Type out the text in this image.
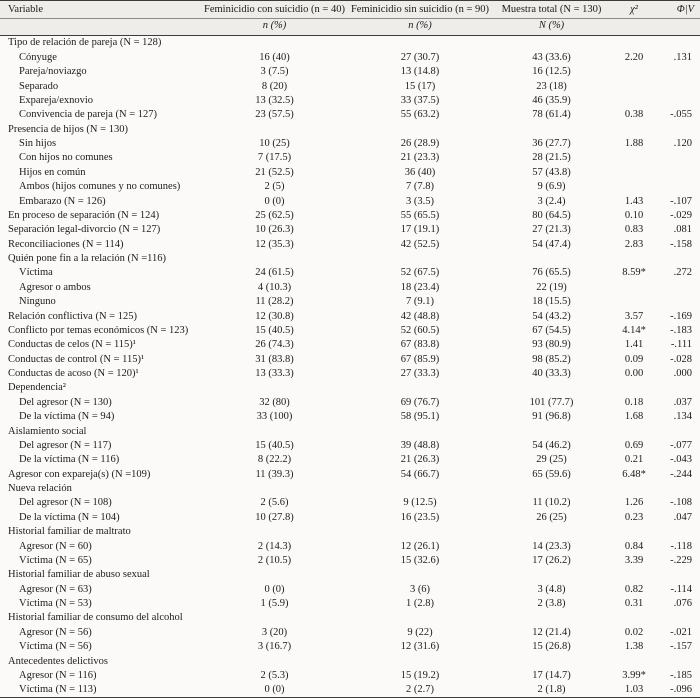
Variable	Feminicidio con suicidio (n = 40)	Feminicidio sin suicidio (n = 90)	Muestra total (N = 130)	χ²	Φ|V
	n (%)	n (%)	N (%)		
Tipo de relación de pareja (N = 128)					
Cónyuge	16 (40)	27 (30.7)	43 (33.6)	2.20	.131
Pareja/noviazgo	3 (7.5)	13 (14.8)	16 (12.5)		
Separado	8 (20)	15 (17)	23 (18)		
Expareja/exnovio	13 (32.5)	33 (37.5)	46 (35.9)		
Convivencia de pareja (N = 127)	23 (57.5)	55 (63.2)	78 (61.4)	0.38	-.055
Presencia de hijos (N = 130)					
Sin hijos	10 (25)	26 (28.9)	36 (27.7)	1.88	.120
Con hijos no comunes	7 (17.5)	21 (23.3)	28 (21.5)		
Hijos en común	21 (52.5)	36 (40)	57 (43.8)		
Ambos (hijos comunes y no comunes)	2 (5)	7 (7.8)	9 (6.9)		
Embarazo (N = 126)	0 (0)	3 (3.5)	3 (2.4)	1.43	-.107
En proceso de separación (N = 124)	25 (62.5)	55 (65.5)	80 (64.5)	0.10	-.029
Separación legal-divorcio (N = 127)	10 (26.3)	17 (19.1)	27 (21.3)	0.83	.081
Reconciliaciones (N = 114)	12 (35.3)	42 (52.5)	54 (47.4)	2.83	-.158
Quién pone fin a la relación (N =116)					
Víctima	24 (61.5)	52 (67.5)	76 (65.5)	8.59*	.272
Agresor o ambos	4 (10.3)	18 (23.4)	22 (19)		
Ninguno	11 (28.2)	7 (9.1)	18 (15.5)		
Relación conflictiva (N = 125)	12 (30.8)	42 (48.8)	54 (43.2)	3.57	-.169
Conflicto por temas económicos (N = 123)	15 (40.5)	52 (60.5)	67 (54.5)	4.14*	-.183
Conductas de celos (N = 115)¹	26 (74.3)	67 (83.8)	93 (80.9)	1.41	-.111
Conductas de control (N = 115)¹	31 (83.8)	67 (85.9)	98 (85.2)	0.09	-.028
Conductas de acoso (N = 120)¹	13 (33.3)	27 (33.3)	40 (33.3)	0.00	.000
Dependencia²					
Del agresor (N = 130)	32 (80)	69 (76.7)	101 (77.7)	0.18	.037
De la víctima (N = 94)	33 (100)	58 (95.1)	91 (96.8)	1.68	.134
Aislamiento social					
Del agresor (N = 117)	15 (40.5)	39 (48.8)	54 (46.2)	0.69	-.077
De la víctima (N = 116)	8 (22.2)	21 (26.3)	29 (25)	0.21	-.043
Agresor con expareja(s) (N =109)	11 (39.3)	54 (66.7)	65 (59.6)	6.48*	-.244
Nueva relación					
Del agresor (N = 108)	2 (5.6)	9 (12.5)	11 (10.2)	1.26	-.108
De la víctima (N = 104)	10 (27.8)	16 (23.5)	26 (25)	0.23	.047
Historial familiar de maltrato					
Agresor (N = 60)	2 (14.3)	12 (26.1)	14 (23.3)	0.84	-.118
Víctima (N = 65)	2 (10.5)	15 (32.6)	17 (26.2)	3.39	-.229
Historial familiar de abuso sexual					
Agresor (N = 63)	0 (0)	3 (6)	3 (4.8)	0.82	-.114
Víctima (N = 53)	1 (5.9)	1 (2.8)	2 (3.8)	0.31	.076
Historial familiar de consumo del alcohol					
Agresor (N = 56)	3 (20)	9 (22)	12 (21.4)	0.02	-.021
Víctima (N = 56)	3 (16.7)	12 (31.6)	15 (26.8)	1.38	-.157
Antecedentes delictivos					
Agresor (N = 116)	2 (5.3)	15 (19.2)	17 (14.7)	3.99*	-.185
Víctima (N = 113)	0 (0)	2 (2.7)	2 (1.8)	1.03	-.096
